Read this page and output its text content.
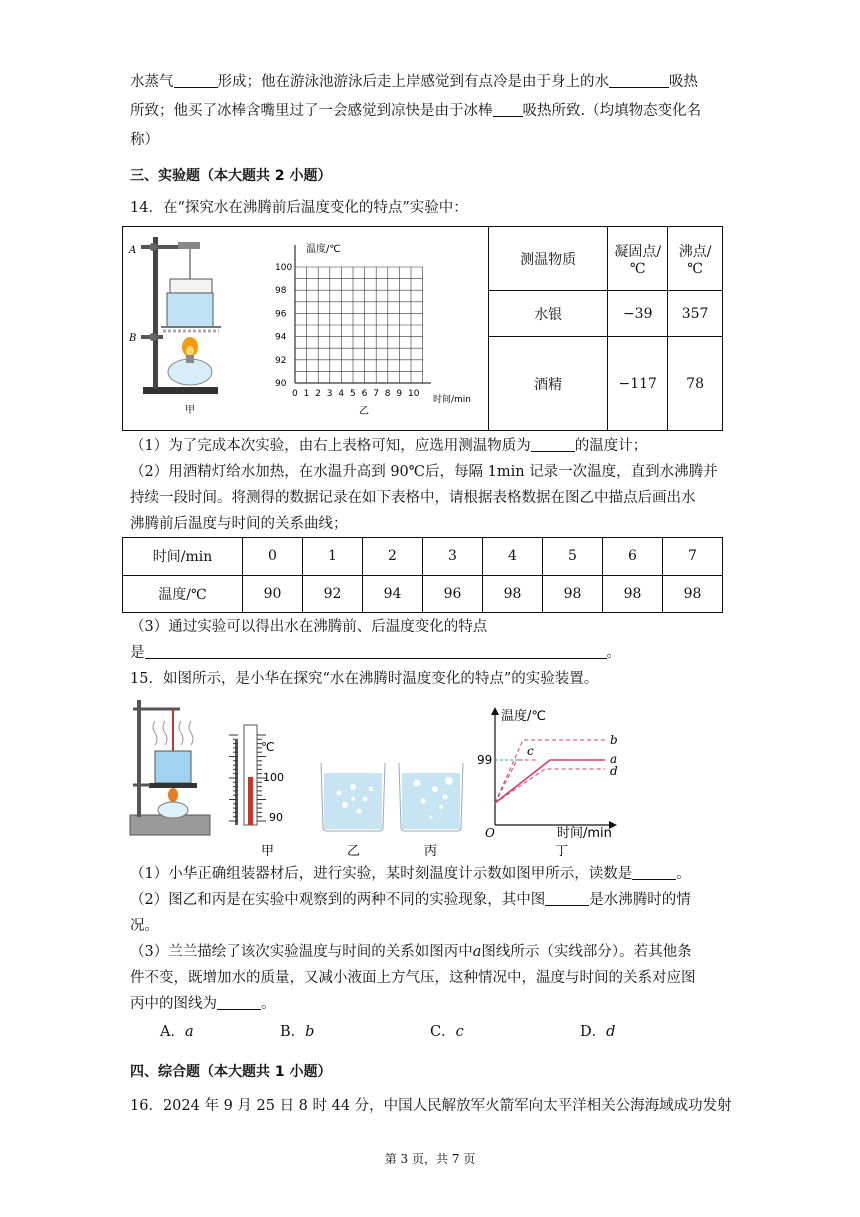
水蒸气	形成；他在游泳池游泳后走上岸感觉到有点冷是由于身上的水	吸热
所致；他买了冰棒含嘴里过了一会感觉到凉快是由于冰棒 吸热所致.（均填物态变化名
称）
三、实验题（本大题共 2 小题）
14．在“探究水在沸腾前后温度变化的特点”实验中：
A
B
甲
温度/℃
100
98
96
94
92
90
0 1 2 3 4 5 6 7 8 9 10
时间/min
乙
测温物质	凝固点/℃	沸点/℃
水银	−39	357
酒精	−117	78
（1）为了完成本次实验，由右上表格可知，应选用测温物质为	的温度计；
（2）用酒精灯给水加热，在水温升高到 90℃后，每隔 1min 记录一次温度，直到水沸腾并
持续一段时间。将测得的数据记录在如下表格中，请根据表格数据在图乙中描点后画出水
沸腾前后温度与时间的关系曲线；
时间/min	0	1	2	3	4	5	6	7
温度/℃	90	92	94	96	98	98	98	98
（3）通过实验可以得出水在沸腾前、后温度变化的特点
是	。
15．如图所示，是小华在探究“水在沸腾时温度变化的特点”的实验装置。
℃
100
90
甲	乙	丙
温度/℃
99
O	时间/min
b
c
a
d
丁
（1）小华正确组装器材后，进行实验，某时刻温度计示数如图甲所示，读数是	。
（2）图乙和丙是在实验中观察到的两种不同的实验现象，其中图	是水沸腾时的情
况。
（3）兰兰描绘了该次实验温度与时间的关系如图丙中a图线所示（实线部分）。若其他条
件不变，既增加水的质量，又减小液面上方气压，这种情况中，温度与时间的关系对应图
丙中的图线为	。
A．a	B．b	C．c	D．d
四、综合题（本大题共 1 小题）
16．2024 年 9 月 25 日 8 时 44 分，中国人民解放军火箭军向太平洋相关公海海域成功发射
第 3 页，共 7 页
